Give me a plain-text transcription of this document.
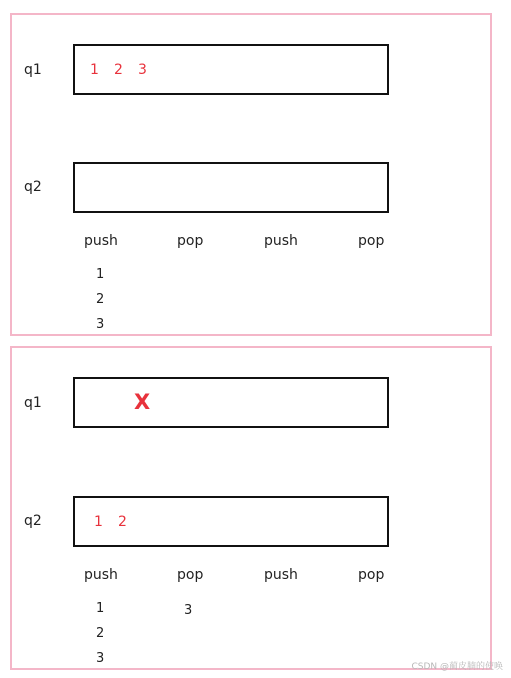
q1	1	2	3
q2
push	pop	push	pop
1
2
3
q1	X
q2	1	2
push	pop	push	pop
1
2
3
3
CSDN @蔺皮腩的使唤
